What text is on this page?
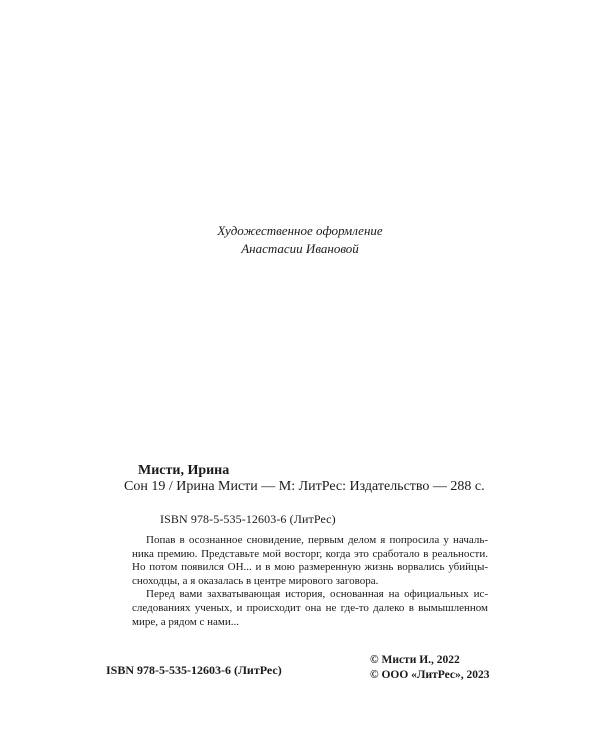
Художественное оформление
Анастасии Ивановой
Мисти, Ирина
Сон 19 / Ирина Мисти — М: ЛитРес: Издательство — 288 с.
ISBN 978-5-535-12603-6 (ЛитРес)

Попав в осознанное сновидение, первым делом я попросила у началь- ника премию. Представьте мой восторг, когда это сработало в реальности. Но потом появился ОН... и в мою размеренную жизнь ворвались убийцы- сноходцы, а я оказалась в центре мирового заговора.

Перед вами захватывающая история, основанная на официальных ис- следованиях ученых, и происходит она не где-то далеко в вымышленном мире, а рядом с нами...

ISBN 978-5-535-12603-6 (ЛитРес)
© Мисти И., 2022
© ООО «ЛитРес», 2023
